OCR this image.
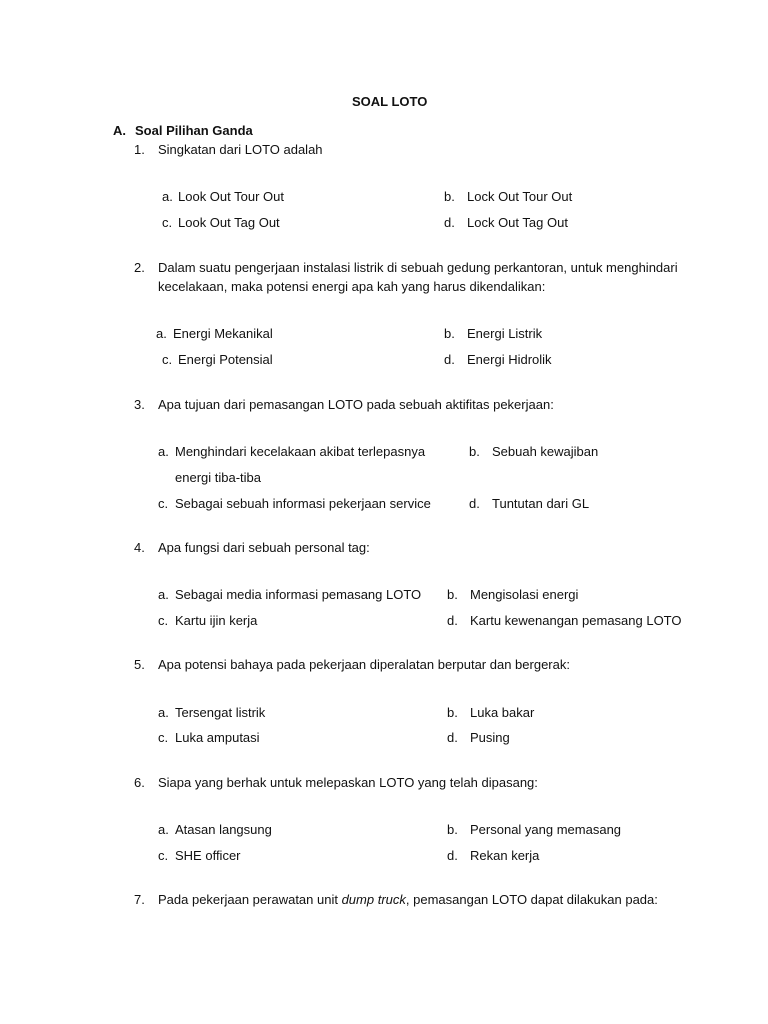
SOAL LOTO
A. Soal Pilihan Ganda
1. Singkatan dari LOTO adalah
a. Look Out Tour Out	b. Lock Out Tour Out
c. Look Out Tag Out	d. Lock Out Tag Out
2. Dalam suatu pengerjaan instalasi listrik di sebuah gedung perkantoran, untuk menghindari
kecelakaan, maka potensi energi apa kah yang harus dikendalikan:
a. Energi Mekanikal	b. Energi Listrik
c. Energi Potensial	d. Energi Hidrolik
3. Apa tujuan dari pemasangan LOTO pada sebuah aktifitas pekerjaan:
a. Menghindari kecelakaan akibat terlepasnya
energi tiba-tiba
b. Sebuah kewajiban
c. Sebagai sebuah informasi pekerjaan service	d. Tuntutan dari GL
4. Apa fungsi dari sebuah personal tag:
a. Sebagai media informasi pemasang LOTO b. Mengisolasi energi
c. Kartu ijin kerja	d. Kartu kewenangan pemasang LOTO
5. Apa potensi bahaya pada pekerjaan diperalatan berputar dan bergerak:
a. Tersengat listrik	b. Luka bakar
c. Luka amputasi	d. Pusing
6. Siapa yang berhak untuk melepaskan LOTO yang telah dipasang:
a. Atasan langsung	b. Personal yang memasang
c. SHE officer	d. Rekan kerja
7. Pada pekerjaan perawatan unit dump truck, pemasangan LOTO dapat dilakukan pada:
